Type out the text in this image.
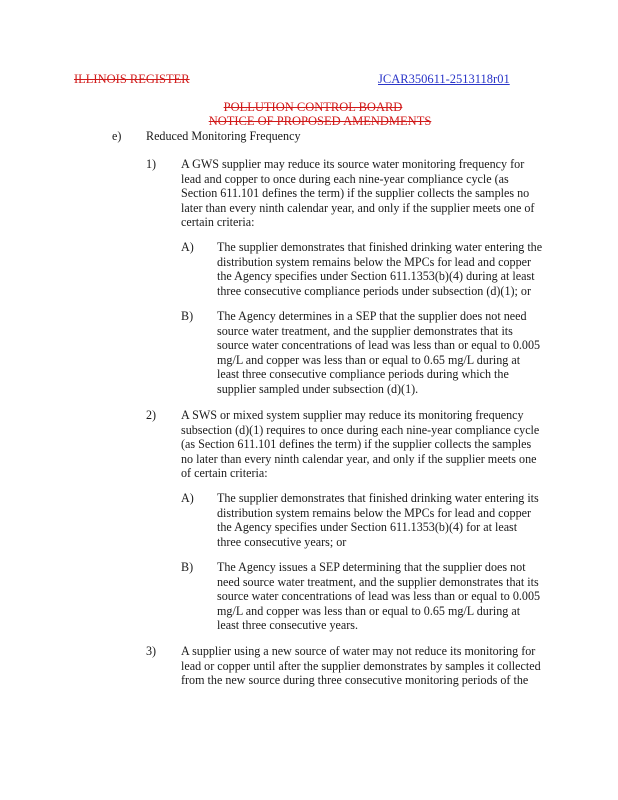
ILLINOIS REGISTER	JCAR350611-2513118r01
POLLUTION CONTROL BOARD
NOTICE OF PROPOSED AMENDMENTS
e) Reduced Monitoring Frequency
1) A GWS supplier may reduce its source water monitoring frequency for
lead and copper to once during each nine-year compliance cycle (as
Section 611.101 defines the term) if the supplier collects the samples no
later than every ninth calendar year, and only if the supplier meets one of
certain criteria:
A) The supplier demonstrates that finished drinking water entering the
distribution system remains below the MPCs for lead and copper
the Agency specifies under Section 611.1353(b)(4) during at least
three consecutive compliance periods under subsection (d)(1); or
B) The Agency determines in a SEP that the supplier does not need
source water treatment, and the supplier demonstrates that its
source water concentrations of lead was less than or equal to 0.005
mg/L and copper was less than or equal to 0.65 mg/L during at
least three consecutive compliance periods during which the
supplier sampled under subsection (d)(1).
2) A SWS or mixed system supplier may reduce its monitoring frequency
subsection (d)(1) requires to once during each nine-year compliance cycle
(as Section 611.101 defines the term) if the supplier collects the samples
no later than every ninth calendar year, and only if the supplier meets one
of certain criteria:
A) The supplier demonstrates that finished drinking water entering its
distribution system remains below the MPCs for lead and copper
the Agency specifies under Section 611.1353(b)(4) for at least
three consecutive years; or
B) The Agency issues a SEP determining that the supplier does not
need source water treatment, and the supplier demonstrates that its
source water concentrations of lead was less than or equal to 0.005
mg/L and copper was less than or equal to 0.65 mg/L during at
least three consecutive years.
3) A supplier using a new source of water may not reduce its monitoring for
lead or copper until after the supplier demonstrates by samples it collected
from the new source during three consecutive monitoring periods of the
